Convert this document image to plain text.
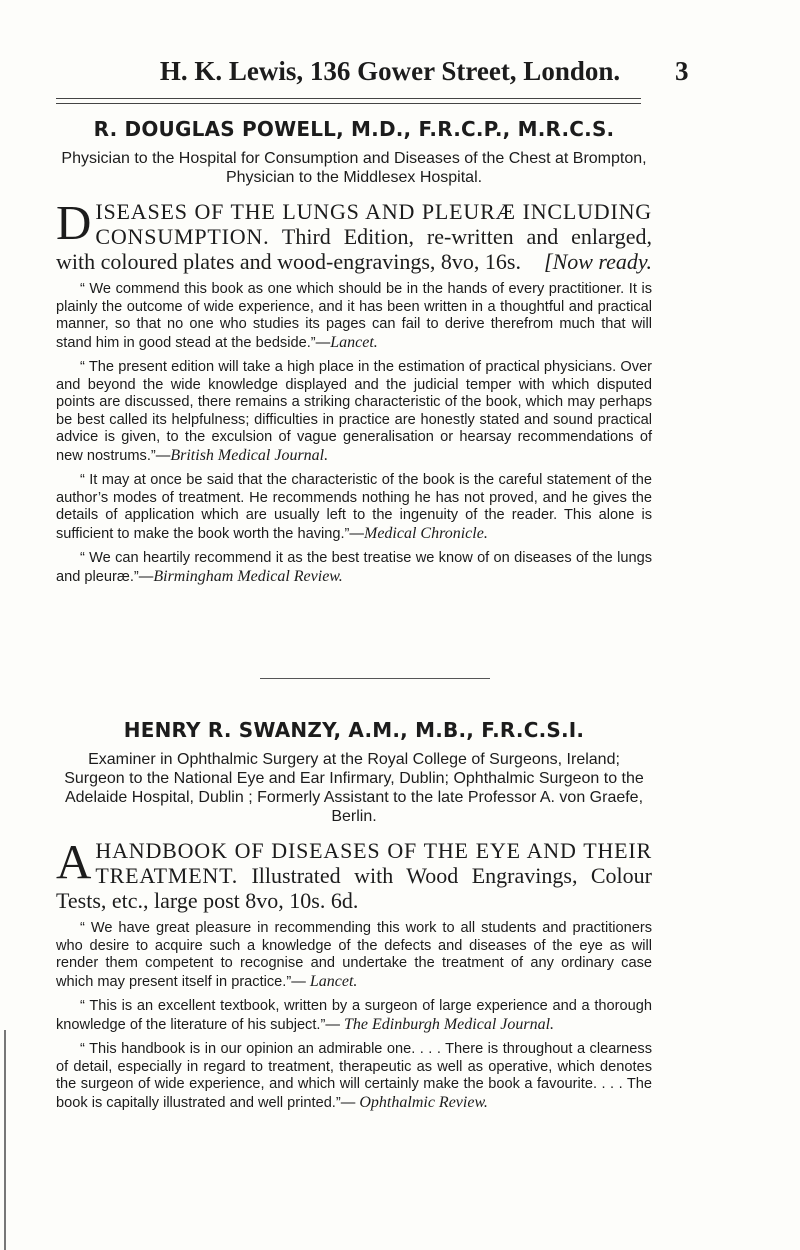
H. K. Lewis, 136 Gower Street, London.	3

R. DOUGLAS POWELL, M.D., F.R.C.P., M.R.C.S.

Physician to the Hospital for Consumption and Diseases of the Chest at Brompton, Physician to the Middlesex Hospital.

DISEASES OF THE LUNGS AND PLEURÆ INCLUDING CONSUMPTION. Third Edition, re-written and enlarged, with coloured plates and wood-engravings, 8vo, 16s. [Now ready.

“ We commend this book as one which should be in the hands of every practitioner. It is plainly the outcome of wide experience, and it has been written in a thoughtful and practical manner, so that no one who studies its pages can fail to derive therefrom much that will stand him in good stead at the bedside.”—Lancet.

“ The present edition will take a high place in the estimation of practical physicians. Over and beyond the wide knowledge displayed and the judicial temper with which disputed points are discussed, there remains a striking characteristic of the book, which may perhaps be best called its helpfulness; difficulties in practice are honestly stated and sound practical advice is given, to the exculsion of vague generalisation or hearsay recommendations of new nostrums.”—British Medical Journal.

“ It may at once be said that the characteristic of the book is the careful statement of the author’s modes of treatment. He recommends nothing he has not proved, and he gives the details of application which are usually left to the ingenuity of the reader. This alone is sufficient to make the book worth the having.”—Medical Chronicle.

“ We can heartily recommend it as the best treatise we know of on diseases of the lungs and pleuræ.”—Birmingham Medical Review.

HENRY R. SWANZY, A.M., M.B., F.R.C.S.I.

Examiner in Ophthalmic Surgery at the Royal College of Surgeons, Ireland; Surgeon to the National Eye and Ear Infirmary, Dublin; Ophthalmic Surgeon to the Adelaide Hospital, Dublin ; Formerly Assistant to the late Professor A. von Graefe, Berlin.

AHANDBOOK OF DISEASES OF THE EYE AND THEIR TREATMENT. Illustrated with Wood Engravings, Colour Tests, etc., large post 8vo, 10s. 6d.

“ We have great pleasure in recommending this work to all students and practitioners who desire to acquire such a knowledge of the defects and diseases of the eye as will render them competent to recognise and undertake the treatment of any ordinary case which may present itself in practice.”— Lancet.

“ This is an excellent textbook, written by a surgeon of large experience and a thorough knowledge of the literature of his subject.”— The Edinburgh Medical Journal.

“ This handbook is in our opinion an admirable one. . . . There is throughout a clearness of detail, especially in regard to treatment, therapeutic as well as operative, which denotes the surgeon of wide experience, and which will certainly make the book a favourite. . . . The book is capitally illustrated and well printed.”— Ophthalmic Review.
